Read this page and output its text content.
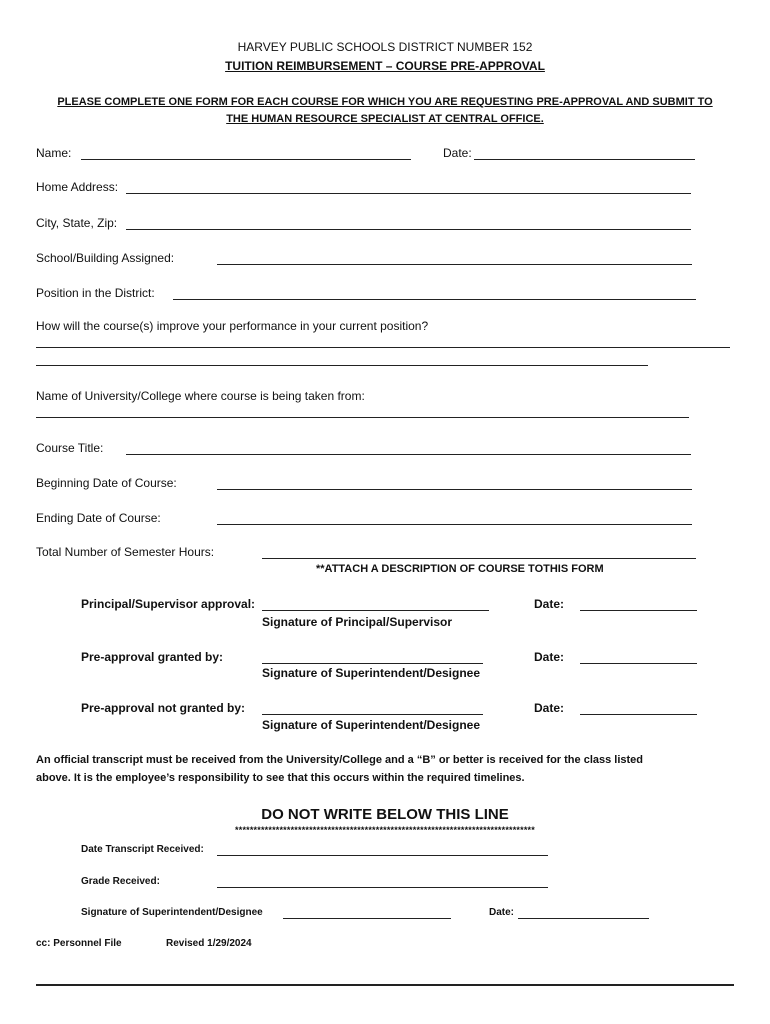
HARVEY PUBLIC SCHOOLS DISTRICT NUMBER 152
TUITION REIMBURSEMENT – COURSE PRE-APPROVAL
PLEASE COMPLETE ONE FORM FOR EACH COURSE FOR WHICH YOU ARE REQUESTING PRE-APPROVAL AND SUBMIT TO
THE HUMAN RESOURCE SPECIALIST AT CENTRAL OFFICE.
Name:	Date:
Home Address:
City, State, Zip:
School/Building Assigned:
Position in the District:
How will the course(s) improve your performance in your current position?
Name of University/College where course is being taken from:
Course Title:
Beginning Date of Course:
Ending Date of Course:
Total Number of Semester Hours:
**ATTACH A DESCRIPTION OF COURSE TOTHIS FORM
Principal/Supervisor approval:
Signature of Principal/Supervisor
Date:
Pre-approval granted by:
Signature of Superintendent/Designee
Date:
Pre-approval not granted by:
Signature of Superintendent/Designee
Date:
An official transcript must be received from the University/College and a “B” or better is received for the class listed
above. It is the employee’s responsibility to see that this occurs within the required timelines.
DO NOT WRITE BELOW THIS LINE
*********************************************************************************
Date Transcript Received:
Grade Received:
Signature of Superintendent/Designee	Date:
cc: Personnel File	Revised 1/29/2024
